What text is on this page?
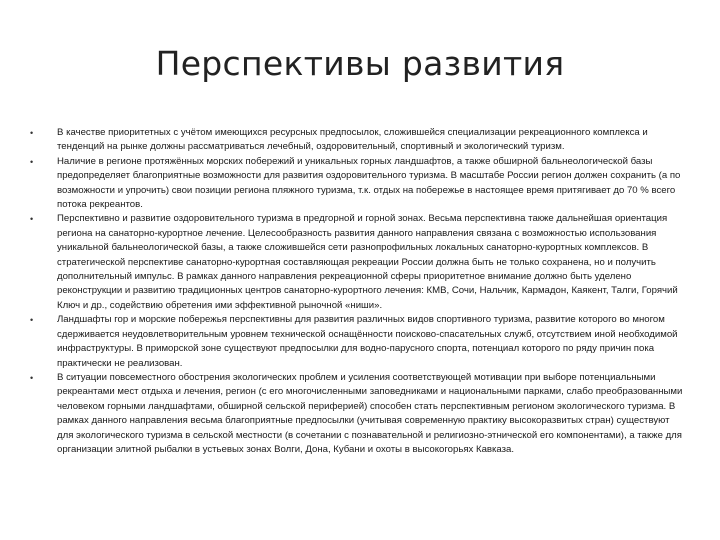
Перспективы развития
• В качестве приоритетных с учётом имеющихся ресурсных предпосылок, сложившейся специализации рекреационного комплекса и тенденций на рынке должны рассматриваться лечебный, оздоровительный, спортивный и экологический туризм.
• Наличие в регионе протяжённых морских побережий и уникальных горных ландшафтов, а также обширной бальнеологической базы предопределяет благоприятные возможности для развития оздоровительного туризма. В масштабе России регион должен сохранить (а по возможности и упрочить) свои позиции региона пляжного туризма, т.к. отдых на побережье в настоящее время притягивает до 70 % всего потока рекреантов.
• Перспективно и развитие оздоровительного туризма в предгорной и горной зонах. Весьма перспективна также дальнейшая ориентация региона на санаторно-курортное лечение. Целесообразность развития данного направления связана с возможностью использования уникальной бальнеологической базы, а также сложившейся сети разнопрофильных локальных санаторно-курортных комплексов. В стратегической перспективе санаторно-курортная составляющая рекреации России должна быть не только сохранена, но и получить дополнительный импульс. В рамках данного направления рекреационной сферы приоритетное внимание должно быть уделено реконструкции и развитию традиционных центров санаторно-курортного лечения: КМВ, Сочи, Нальчик, Кармадон, Каякент, Талги, Горячий Ключ и др., содействию обретения ими эффективной рыночной «ниши».
• Ландшафты гор и морские побережья перспективны для развития различных видов спортивного туризма, развитие которого во многом сдерживается неудовлетворительным уровнем технической оснащённости поисково-спасательных служб, отсутствием иной необходимой инфраструктуры. В приморской зоне существуют предпосылки для водно-парусного спорта, потенциал которого по ряду причин пока практически не реализован.
• В ситуации повсеместного обострения экологических проблем и усиления соответствующей мотивации при выборе потенциальными рекреантами мест отдыха и лечения, регион (с его многочисленными заповедниками и национальными парками, слабо преобразованными человеком горными ландшафтами, обширной сельской периферией) способен стать перспективным регионом экологического туризма. В рамках данного направления весьма благоприятные предпосылки (учитывая современную практику высокоразвитых стран) существуют для экологического туризма в сельской местности (в сочетании с познавательной и религиозно-этнической его компонентами), а также для организации элитной рыбалки в устьевых зонах Волги, Дона, Кубани и охоты в высокогорьях Кавказа.
